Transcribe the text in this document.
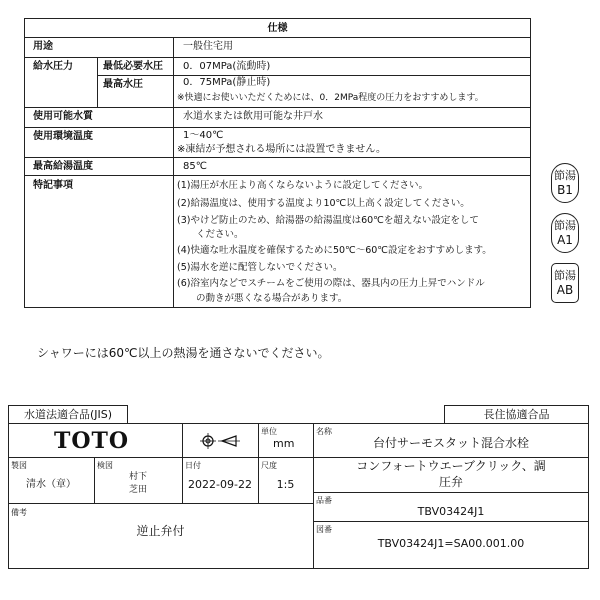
仕様
用途	一般住宅用
給水圧力	最低必要水圧 0．07MPa(流動時)
最高水圧	0．75MPa(静止時)
※快適にお使いいただくためには、0．2MPa程度の圧力をおすすめします。
使用可能水質	水道水または飲用可能な井戸水
使用環境温度	1～40℃
※凍結が予想される場所には設置できません。
最高給湯温度	85℃
特記事項	(1)湯圧が水圧より高くならないように設定してください。
(2)給湯温度は、使用する温度より10℃以上高く設定してください。
(3)やけど防止のため、給湯器の給湯温度は60℃を超えない設定をして
　　ください。
(4)快適な吐水温度を確保するために50℃～60℃設定をおすすめします。
(5)湯水を逆に配管しないでください。
(6)浴室内などでスチームをご使用の際は、器具内の圧力上昇でハンドル
　　の動きが悪くなる場合があります。
節湯
B1
節湯
A1
節湯
AB
シャワーには60℃以上の熱湯を通さないでください。
水道法適合品(JIS)	長住協適合品
TOTO	単位
mm
名称
台付サーモスタット混合水栓
製図
清水（章）
検図
村下
芝田
日付
2022-09-22
尺度
1:5
コンフォートウエーブクリック、調
圧弁
品番
TBV03424J1
備考
逆止弁付	図番
TBV03424J1=SA00.001.00
